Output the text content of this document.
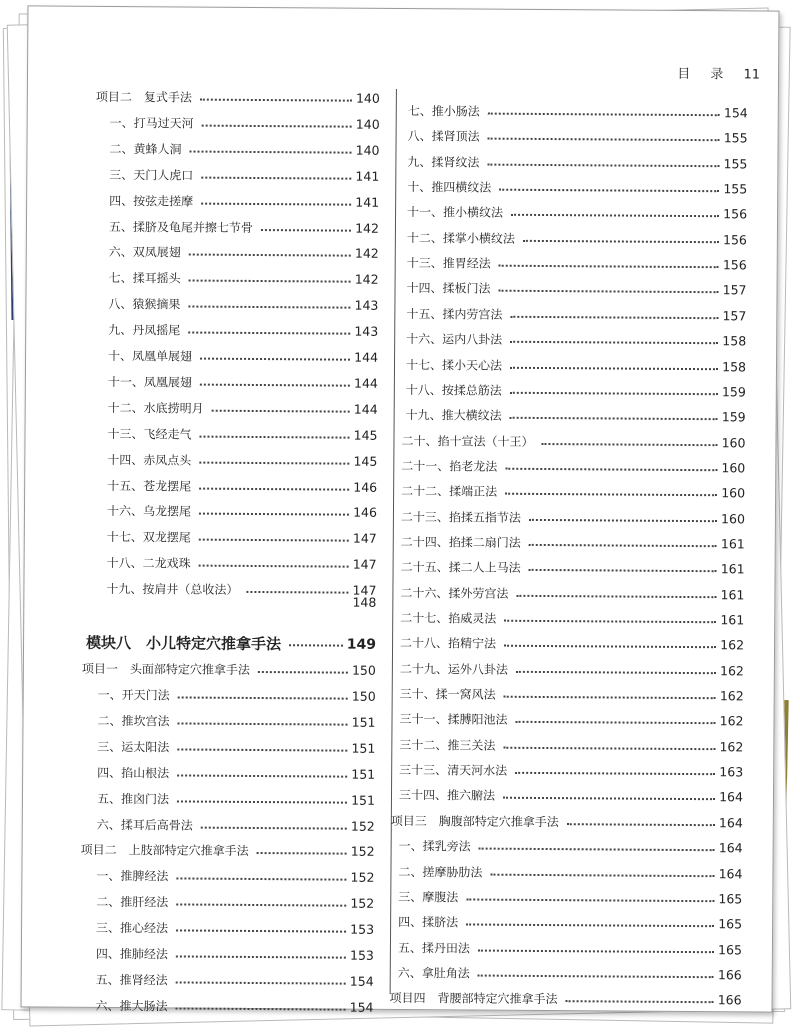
目 录 11
项目二　复式手法	140
一、打马过天河	140
二、黄蜂人洞	140
三、天门人虎口	141
四、按弦走搓摩	141
五、揉脐及龟尾并擦七节骨	142
六、双凤展翅	142
七、揉耳摇头	142
八、猿猴摘果	143
九、丹凤摇尾	143
十、凤凰单展翅	144
十一、凤凰展翅	144
十二、水底捞明月	144
十三、飞经走气	145
十四、赤凤点头	145
十五、苍龙摆尾	146
十六、乌龙摆尾	146
十七、双龙摆尾	147
十八、二龙戏珠	147
十九、按肩井（总收法）	147
148
模块八　小儿特定穴推拿手法	149
项目一　头面部特定穴推拿手法	150
一、开天门法	150
二、推坎宫法	151
三、运太阳法	151
四、掐山根法	151
五、推囟门法	151
六、揉耳后高骨法	152
项目二　上肢部特定穴推拿手法	152
一、推脾经法	152
二、推肝经法	152
三、推心经法	153
四、推肺经法	153
五、推肾经法	154
六、推大肠法	154
七、推小肠法	154
八、揉肾顶法	155
九、揉肾纹法	155
十、推四横纹法	155
十一、推小横纹法	156
十二、揉掌小横纹法	156
十三、推胃经法	156
十四、揉板门法	157
十五、揉内劳宫法	157
十六、运内八卦法	158
十七、揉小天心法	158
十八、按揉总筋法	159
十九、推大横纹法	159
二十、掐十宣法（十王）	160
二十一、掐老龙法	160
二十二、揉端正法	160
二十三、掐揉五指节法	160
二十四、掐揉二扇门法	161
二十五、揉二人上马法	161
二十六、揉外劳宫法	161
二十七、掐威灵法	161
二十八、掐精宁法	162
二十九、运外八卦法	162
三十、揉一窝风法	162
三十一、揉膊阳池法	162
三十二、推三关法	162
三十三、清天河水法	163
三十四、推六腑法	164
项目三　胸腹部特定穴推拿手法	164
一、揉乳旁法	164
二、搓摩胁肋法	164
三、摩腹法	165
四、揉脐法	165
五、揉丹田法	165
六、拿肚角法	166
项目四　背腰部特定穴推拿手法	166
